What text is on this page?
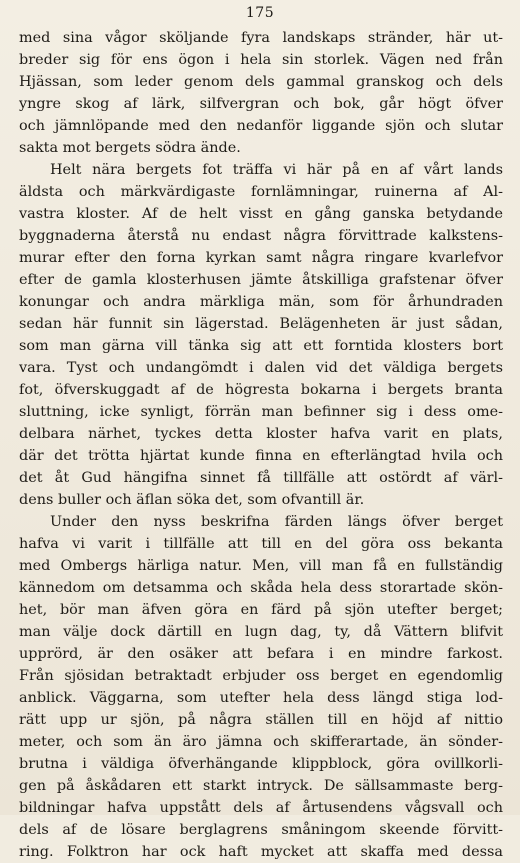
175
med sina vågor sköljande fyra landskaps stränder, här ut-
breder sig för ens ögon i hela sin storlek. Vägen ned från
Hjässan, som leder genom dels gammal granskog och dels
yngre skog af lärk, silfvergran och bok, går högt öfver
och jämnlöpande med den nedanför liggande sjön och slutar
sakta mot bergets södra ände.
Helt nära bergets fot träffa vi här på en af vårt lands
äldsta och märkvärdigaste fornlämningar, ruinerna af Al-
vastra kloster. Af de helt visst en gång ganska betydande
byggnaderna återstå nu endast några förvittrade kalkstens-
murar efter den forna kyrkan samt några ringare kvarlefvor
efter de gamla klosterhusen jämte åtskilliga grafstenar öfver
konungar och andra märkliga män, som för århundraden
sedan här funnit sin lägerstad. Belägenheten är just sådan,
som man gärna vill tänka sig att ett forntida klosters bort
vara. Tyst och undangömdt i dalen vid det väldiga bergets
fot, öfverskuggadt af de högresta bokarna i bergets branta
sluttning, icke synligt, förrän man befinner sig i dess ome-
delbara närhet, tyckes detta kloster hafva varit en plats,
där det trötta hjärtat kunde finna en efterlängtad hvila och
det åt Gud hängifna sinnet få tillfälle att ostördt af värl-
dens buller och äflan söka det, som ofvantill är.
Under den nyss beskrifna färden längs öfver berget
hafva vi varit i tillfälle att till en del göra oss bekanta
med Ombergs härliga natur. Men, vill man få en fullständig
kännedom om detsamma och skåda hela dess storartade skön-
het, bör man äfven göra en färd på sjön utefter berget;
man välje dock därtill en lugn dag, ty, då Vättern blifvit
upprörd, är den osäker att befara i en mindre farkost.
Från sjösidan betraktadt erbjuder oss berget en egendomlig
anblick. Väggarna, som utefter hela dess längd stiga lod-
rätt upp ur sjön, på några ställen till en höjd af nittio
meter, och som än äro jämna och skifferartade, än sönder-
brutna i väldiga öfverhängande klippblock, göra ovillkorli-
gen på åskådaren ett starkt intryck. De sällsammaste berg-
bildningar hafva uppstått dels af årtusendens vågsvall och
dels af de lösare berglagrens småningom skeende förvitt-
ring. Folktron har ock haft mycket att skaffa med dessa
